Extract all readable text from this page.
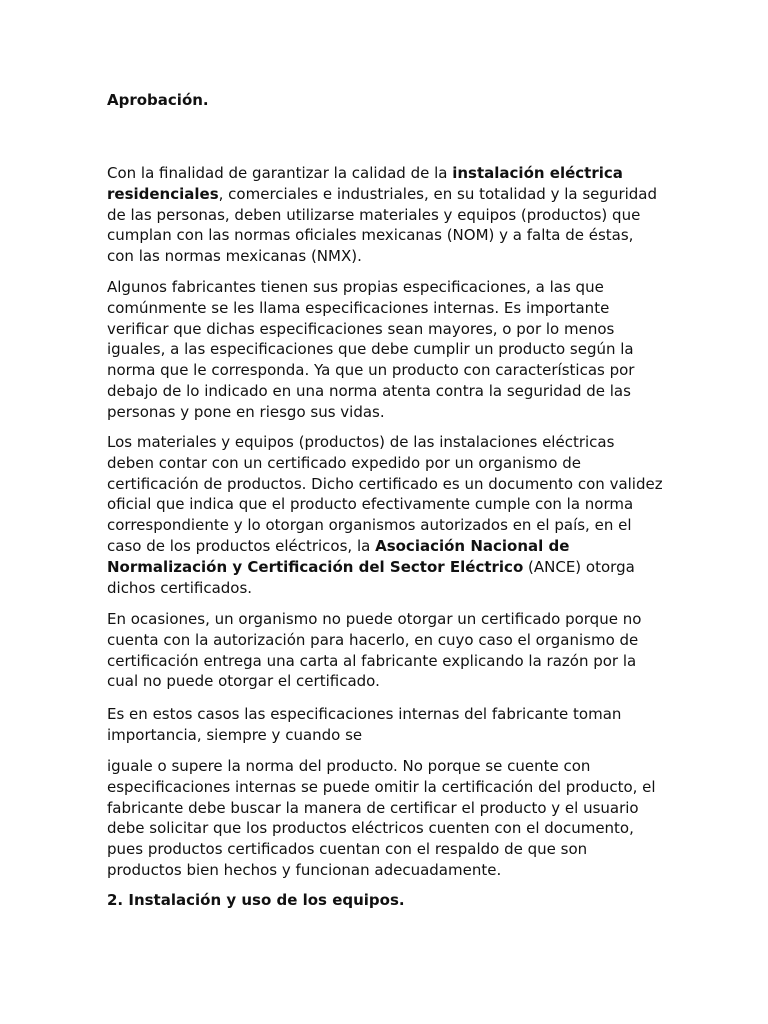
Aprobación.

Con la finalidad de garantizar la calidad de la instalación eléctrica residenciales, comerciales e industriales, en su totalidad y la seguridad de las personas, deben utilizarse materiales y equipos (productos) que cumplan con las normas oficiales mexicanas (NOM) y a falta de éstas, con las normas mexicanas (NMX).

Algunos fabricantes tienen sus propias especificaciones, a las que comúnmente se les llama especificaciones internas. Es importante verificar que dichas especificaciones sean mayores, o por lo menos iguales, a las especificaciones que debe cumplir un producto según la norma que le corresponda. Ya que un producto con características por debajo de lo indicado en una norma atenta contra la seguridad de las personas y pone en riesgo sus vidas.

Los materiales y equipos (productos) de las instalaciones eléctricas deben contar con un certificado expedido por un organismo de certificación de productos. Dicho certificado es un documento con validez oficial que indica que el producto efectivamente cumple con la norma correspondiente y lo otorgan organismos autorizados en el país, en el caso de los productos eléctricos, la Asociación Nacional de Normalización y Certificación del Sector Eléctrico (ANCE) otorga dichos certificados.

En ocasiones, un organismo no puede otorgar un certificado porque no cuenta con la autorización para hacerlo, en cuyo caso el organismo de certificación entrega una carta al fabricante explicando la razón por la cual no puede otorgar el certificado.

Es en estos casos las especificaciones internas del fabricante toman importancia, siempre y cuando se

iguale o supere la norma del producto. No porque se cuente con especificaciones internas se puede omitir la certificación del producto, el fabricante debe buscar la manera de certificar el producto y el usuario debe solicitar que los productos eléctricos cuenten con el documento, pues productos certificados cuentan con el respaldo de que son productos bien hechos y funcionan adecuadamente.

2. Instalación y uso de los equipos.
